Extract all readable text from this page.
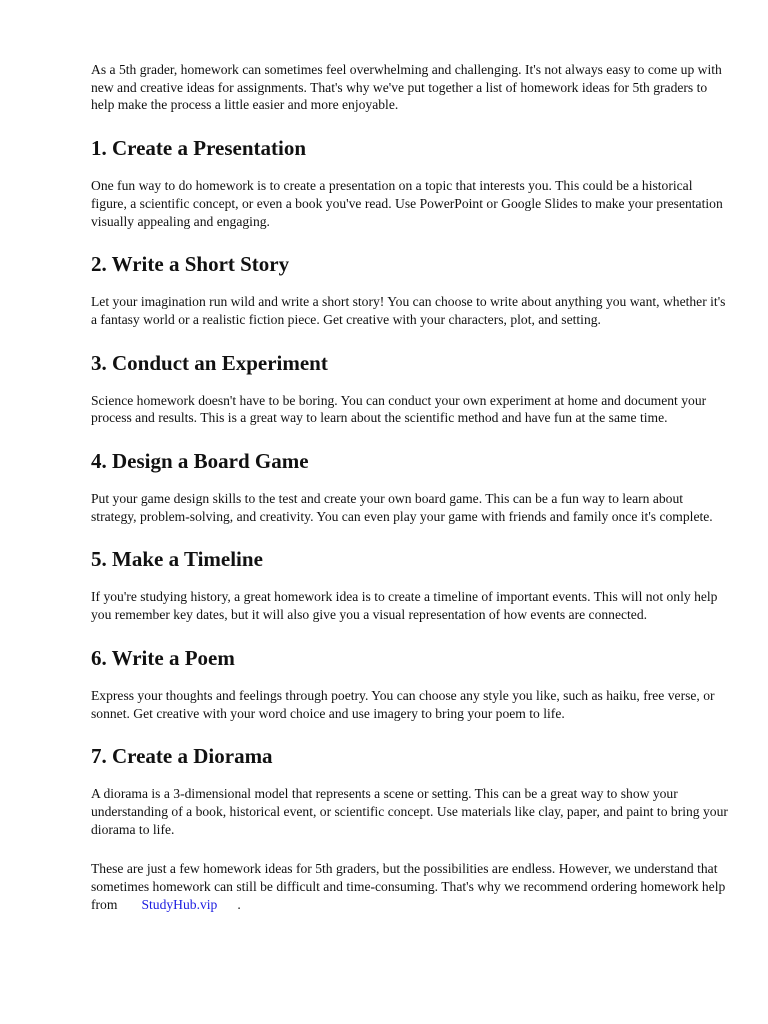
As a 5th grader, homework can sometimes feel overwhelming and challenging. It's not always easy to come up with new and creative ideas for assignments. That's why we've put together a list of homework ideas for 5th graders to help make the process a little easier and more enjoyable.

1. Create a Presentation

One fun way to do homework is to create a presentation on a topic that interests you. This could be a historical figure, a scientific concept, or even a book you've read. Use PowerPoint or Google Slides to make your presentation visually appealing and engaging.

2. Write a Short Story

Let your imagination run wild and write a short story! You can choose to write about anything you want, whether it's a fantasy world or a realistic fiction piece. Get creative with your characters, plot, and setting.

3. Conduct an Experiment

Science homework doesn't have to be boring. You can conduct your own experiment at home and document your process and results. This is a great way to learn about the scientific method and have fun at the same time.

4. Design a Board Game

Put your game design skills to the test and create your own board game. This can be a fun way to learn about strategy, problem-solving, and creativity. You can even play your game with friends and family once it's complete.

5. Make a Timeline

If you're studying history, a great homework idea is to create a timeline of important events. This will not only help you remember key dates, but it will also give you a visual representation of how events are connected.

6. Write a Poem

Express your thoughts and feelings through poetry. You can choose any style you like, such as haiku, free verse, or sonnet. Get creative with your word choice and use imagery to bring your poem to life.

7. Create a Diorama

A diorama is a 3-dimensional model that represents a scene or setting. This can be a great way to show your understanding of a book, historical event, or scientific concept. Use materials like clay, paper, and paint to bring your diorama to life.

These are just a few homework ideas for 5th graders, but the possibilities are endless. However, we understand that sometimes homework can still be difficult and time-consuming. That's why we recommend ordering homework help from StudyHub.vip .
